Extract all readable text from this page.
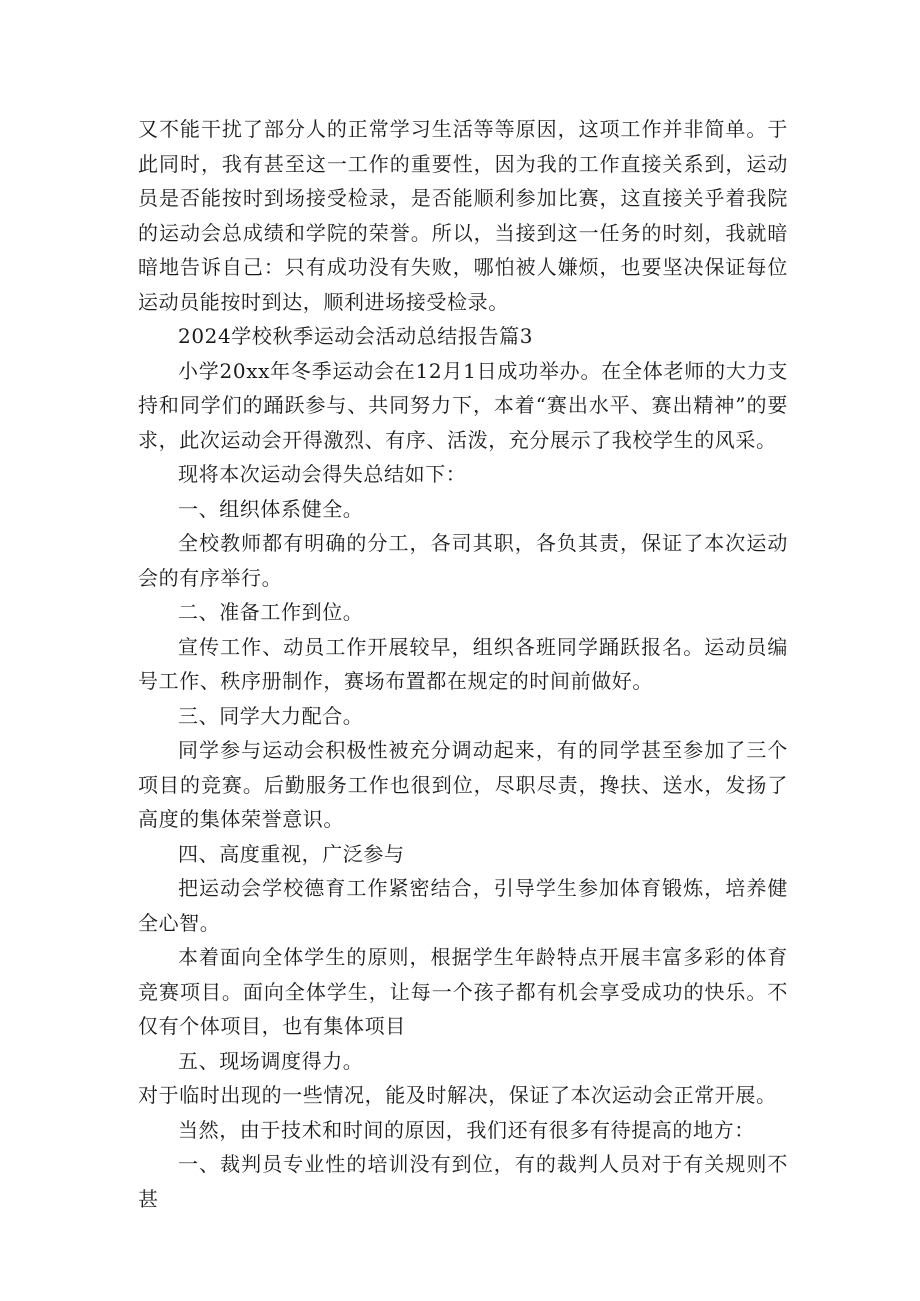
又不能干扰了部分人的正常学习生活等等原因，这项工作并非简单。于此同时，我有甚至这一工作的重要性，因为我的工作直接关系到，运动员是否能按时到场接受检录，是否能顺利参加比赛，这直接关乎着我院的运动会总成绩和学院的荣誉。所以，当接到这一任务的时刻，我就暗暗地告诉自己：只有成功没有失败，哪怕被人嫌烦，也要坚决保证每位运动员能按时到达，顺利进场接受检录。

2024学校秋季运动会活动总结报告篇3

小学20xx年冬季运动会在12月1日成功举办。在全体老师的大力支持和同学们的踊跃参与、共同努力下，本着“赛出水平、赛出精神”的要求，此次运动会开得激烈、有序、活泼，充分展示了我校学生的风采。

现将本次运动会得失总结如下：

一、组织体系健全。

全校教师都有明确的分工，各司其职，各负其责，保证了本次运动会的有序举行。

二、准备工作到位。

宣传工作、动员工作开展较早，组织各班同学踊跃报名。运动员编号工作、秩序册制作，赛场布置都在规定的时间前做好。

三、同学大力配合。

同学参与运动会积极性被充分调动起来，有的同学甚至参加了三个项目的竞赛。后勤服务工作也很到位，尽职尽责，搀扶、送水，发扬了高度的集体荣誉意识。

四、高度重视，广泛参与

把运动会学校德育工作紧密结合，引导学生参加体育锻炼，培养健全心智。

本着面向全体学生的原则，根据学生年龄特点开展丰富多彩的体育竞赛项目。面向全体学生，让每一个孩子都有机会享受成功的快乐。不仅有个体项目，也有集体项目

五、现场调度得力。

对于临时出现的一些情况，能及时解决，保证了本次运动会正常开展。

当然，由于技术和时间的原因，我们还有很多有待提高的地方：

一、裁判员专业性的培训没有到位，有的裁判人员对于有关规则不甚
